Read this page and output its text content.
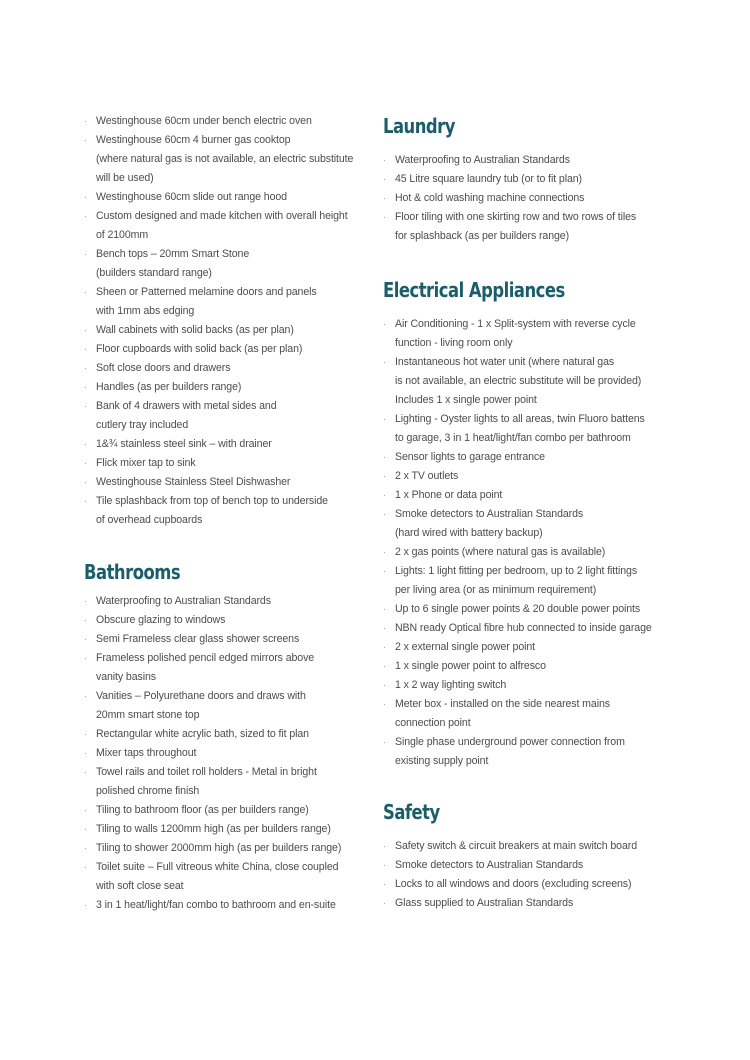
· Westinghouse 60cm under bench electric oven
· Westinghouse 60cm 4 burner gas cooktop
(where natural gas is not available, an electric substitute
will be used)
· Westinghouse 60cm slide out range hood
· Custom designed and made kitchen with overall height
of 2100mm
· Bench tops – 20mm Smart Stone
(builders standard range)
· Sheen or Patterned melamine doors and panels
with 1mm abs edging
· Wall cabinets with solid backs (as per plan)
· Floor cupboards with solid back (as per plan)
· Soft close doors and drawers
· Handles (as per builders range)
· Bank of 4 drawers with metal sides and
cutlery tray included
· 1&¾ stainless steel sink – with drainer
· Flick mixer tap to sink
· Westinghouse Stainless Steel Dishwasher
· Tile splashback from top of bench top to underside
of overhead cupboards
Bathrooms
· Waterproofing to Australian Standards
· Obscure glazing to windows
· Semi Frameless clear glass shower screens
· Frameless polished pencil edged mirrors above
vanity basins
· Vanities – Polyurethane doors and draws with
20mm smart stone top
· Rectangular white acrylic bath, sized to fit plan
· Mixer taps throughout
· Towel rails and toilet roll holders - Metal in bright
polished chrome finish
· Tiling to bathroom floor (as per builders range)
· Tiling to walls 1200mm high (as per builders range)
· Tiling to shower 2000mm high (as per builders range)
· Toilet suite – Full vitreous white China, close coupled
with soft close seat
· 3 in 1 heat/light/fan combo to bathroom and en-suite
Laundry
· Waterproofing to Australian Standards
· 45 Litre square laundry tub (or to fit plan)
· Hot & cold washing machine connections
· Floor tiling with one skirting row and two rows of tiles
for splashback (as per builders range)
Electrical Appliances
· Air Conditioning - 1 x Split-system with reverse cycle
function - living room only
· Instantaneous hot water unit (where natural gas
is not available, an electric substitute will be provided)
Includes 1 x single power point
· Lighting - Oyster lights to all areas, twin Fluoro battens
to garage, 3 in 1 heat/light/fan combo per bathroom
· Sensor lights to garage entrance
· 2 x TV outlets
· 1 x Phone or data point
· Smoke detectors to Australian Standards
(hard wired with battery backup)
· 2 x gas points (where natural gas is available)
· Lights: 1 light fitting per bedroom, up to 2 light fittings
per living area (or as minimum requirement)
· Up to 6 single power points & 20 double power points
· NBN ready Optical fibre hub connected to inside garage
· 2 x external single power point
· 1 x single power point to alfresco
· 1 x 2 way lighting switch
· Meter box - installed on the side nearest mains
connection point
· Single phase underground power connection from
existing supply point
Safety
· Safety switch & circuit breakers at main switch board
· Smoke detectors to Australian Standards
· Locks to all windows and doors (excluding screens)
· Glass supplied to Australian Standards
